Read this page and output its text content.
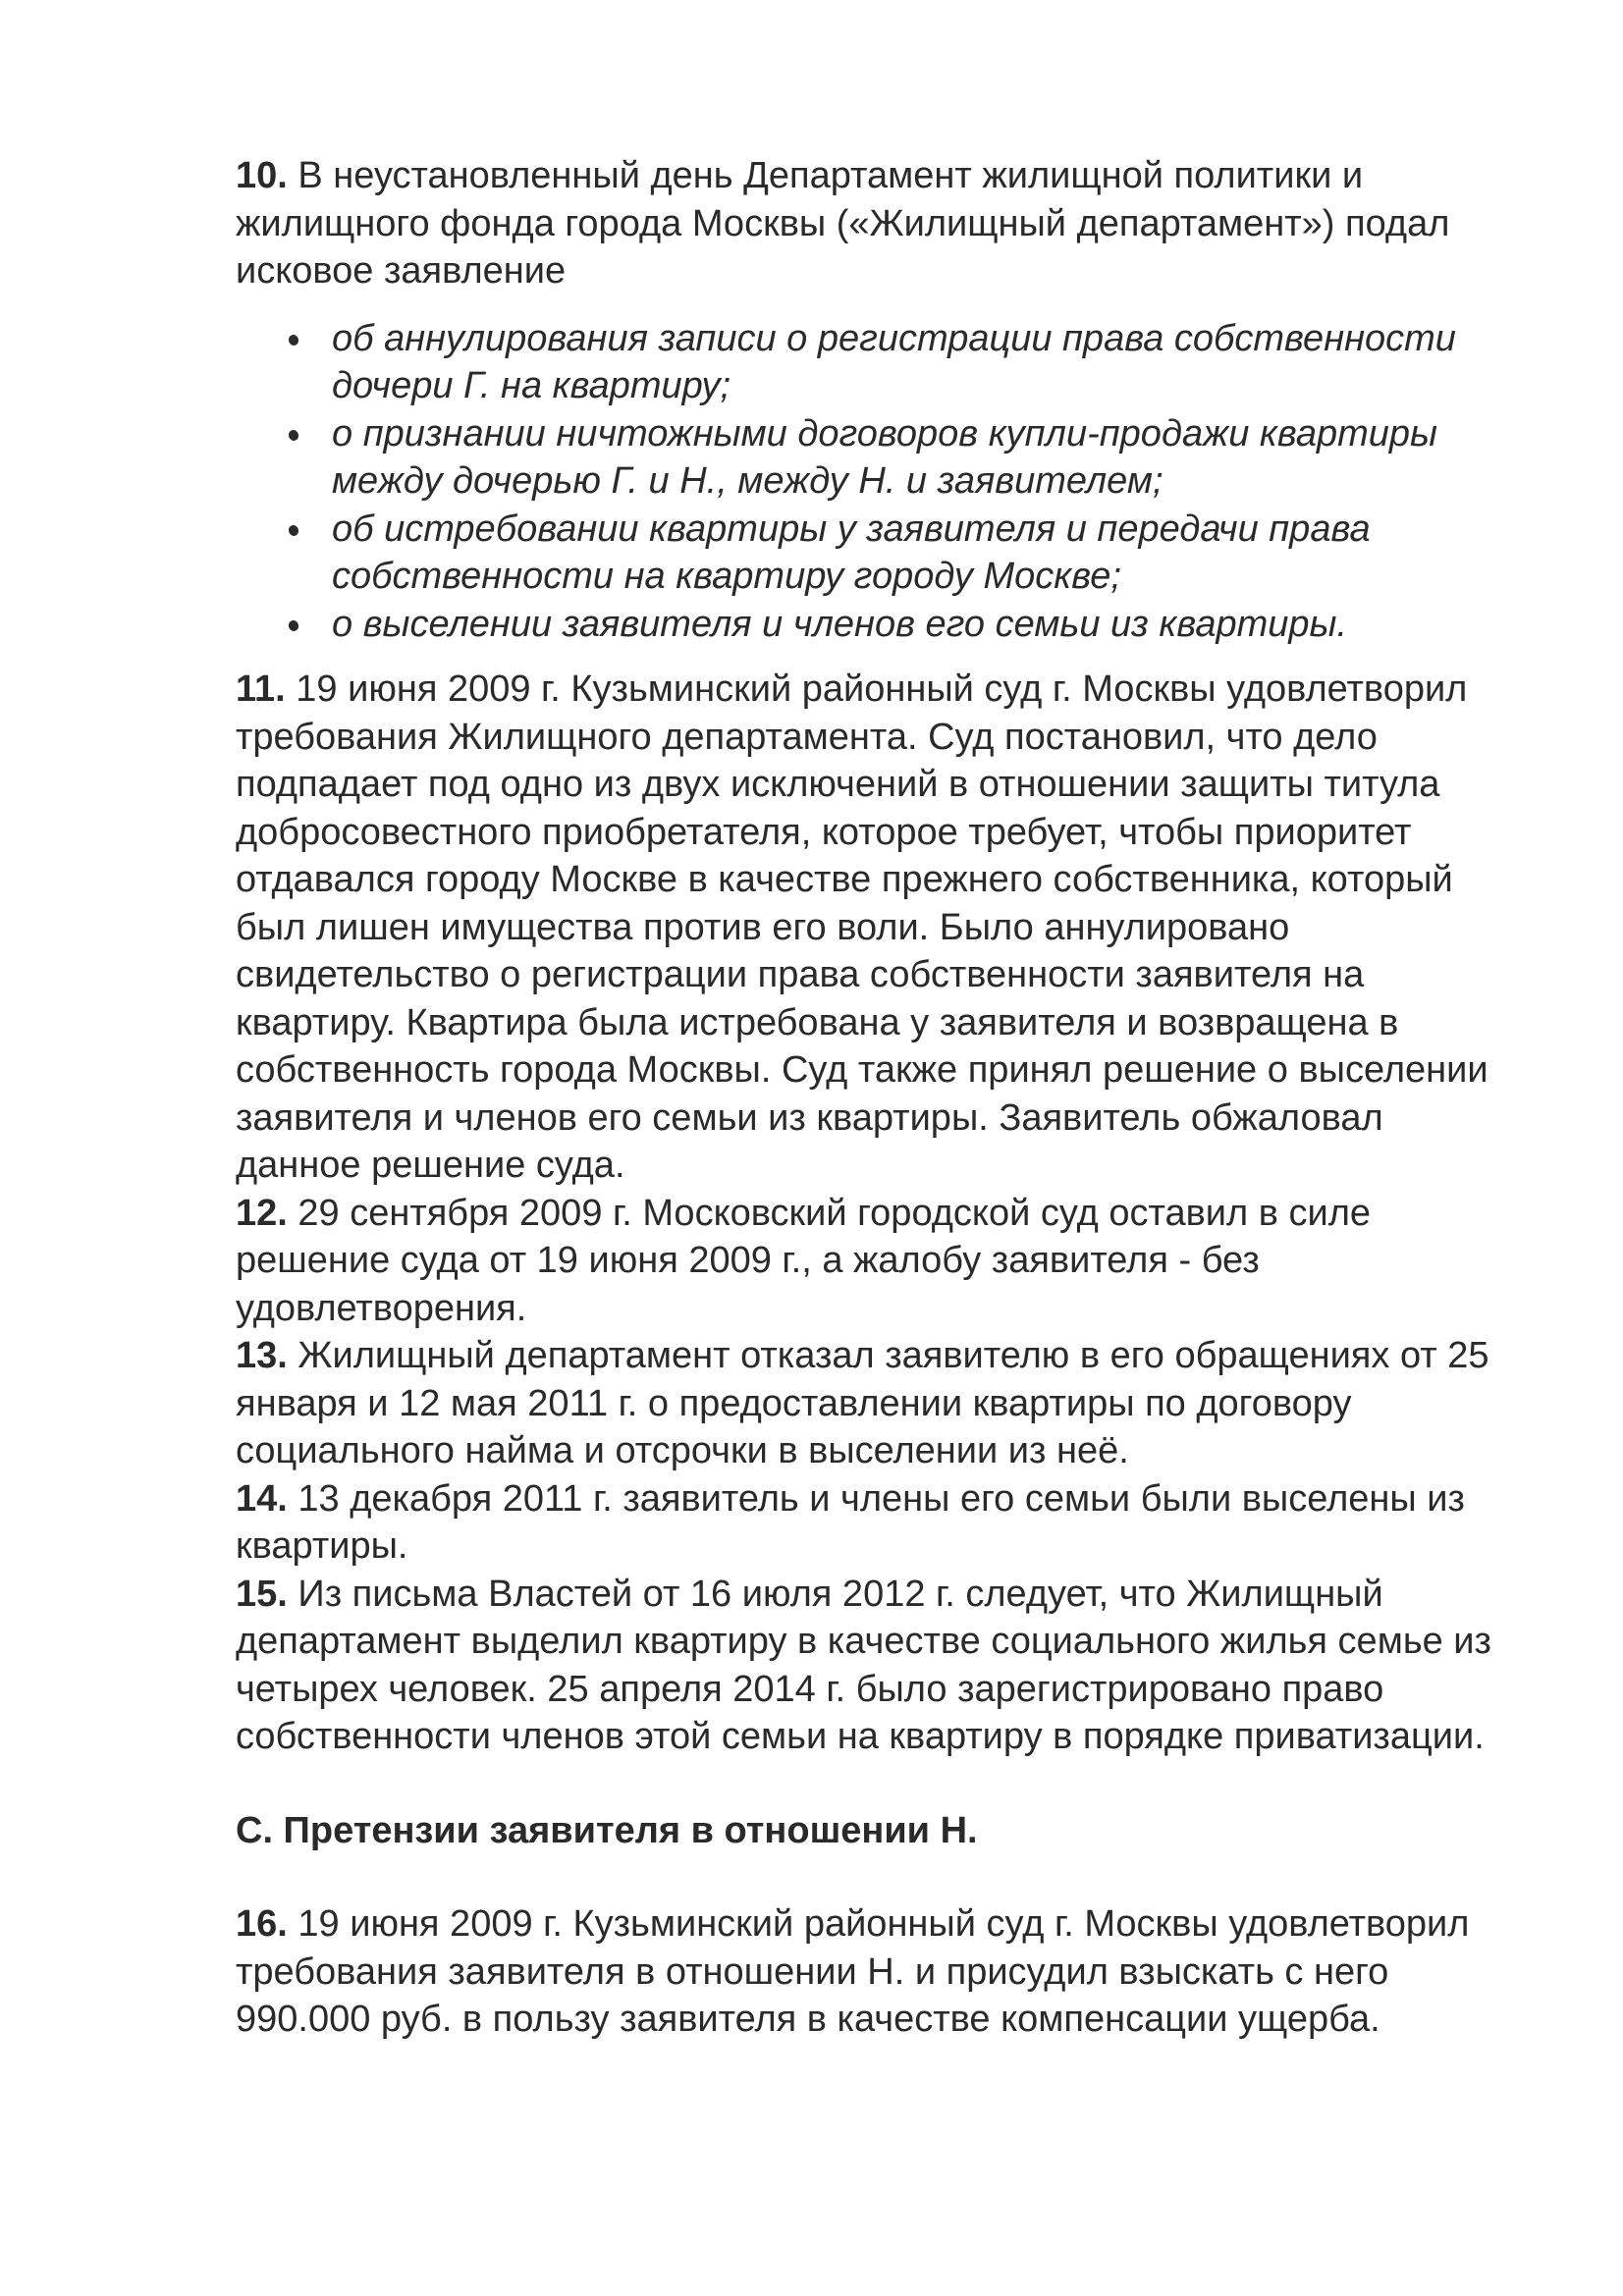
10. В неустановленный день Департамент жилищной политики и жилищного фонда города Москвы («Жилищный департамент») подал исковое заявление

об аннулирования записи о регистрации права собственности дочери Г. на квартиру;
о признании ничтожными договоров купли-продажи квартиры между дочерью Г. и Н., между Н. и заявителем;
об истребовании квартиры у заявителя и передачи права собственности на квартиру городу Москве;
о выселении заявителя и членов его семьи из квартиры.

11. 19 июня 2009 г. Кузьминский районный суд г. Москвы удовлетворил требования Жилищного департамента. Суд постановил, что дело подпадает под одно из двух исключений в отношении защиты титула добросовестного приобретателя, которое требует, чтобы приоритет отдавался городу Москве в качестве прежнего собственника, который был лишен имущества против его воли. Было аннулировано свидетельство о регистрации права собственности заявителя на квартиру. Квартира была истребована у заявителя и возвращена в собственность города Москвы. Суд также принял решение о выселении заявителя и членов его семьи из квартиры. Заявитель обжаловал данное решение суда.

12. 29 сентября 2009 г. Московский городской суд оставил в силе решение суда от 19 июня 2009 г., а жалобу заявителя - без удовлетворения.

13. Жилищный департамент отказал заявителю в его обращениях от 25 января и 12 мая 2011 г. о предоставлении квартиры по договору социального найма и отсрочки в выселении из неё.

14. 13 декабря 2011 г. заявитель и члены его семьи были выселены из квартиры.

15. Из письма Властей от 16 июля 2012 г. следует, что Жилищный департамент выделил квартиру в качестве социального жилья семье из четырех человек. 25 апреля 2014 г. было зарегистрировано право собственности членов этой семьи на квартиру в порядке приватизации.

C. Претензии заявителя в отношении Н.

16. 19 июня 2009 г. Кузьминский районный суд г. Москвы удовлетворил требования заявителя в отношении Н. и присудил взыскать с него 990.000 руб. в пользу заявителя в качестве компенсации ущерба.
